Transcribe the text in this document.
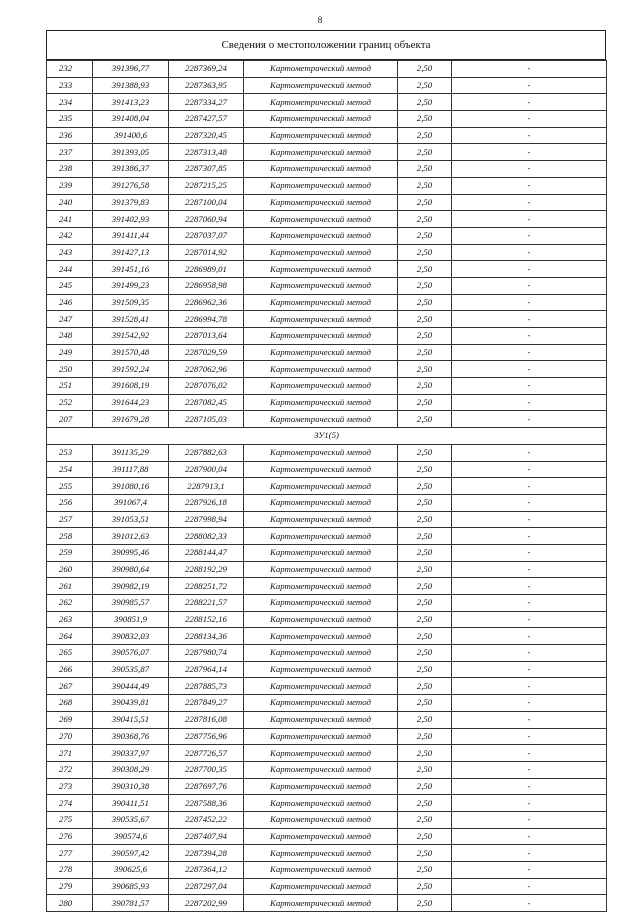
8
Сведения о местоположении границ объекта
232	391396,77	2287369,24	Картометрический метод	2,50	-
233	391388,93	2287363,95	Картометрический метод	2,50	-
234	391413,23	2287334,27	Картометрический метод	2,50	-
235	391408,04	2287427,57	Картометрический метод	2,50	-
236	391400,6	2287320,45	Картометрический метод	2,50	-
237	391393,05	2287313,48	Картометрический метод	2,50	-
238	391386,37	2287307,85	Картометрический метод	2,50	-
239	391276,58	2287215,25	Картометрический метод	2,50	-
240	391379,83	2287100,04	Картометрический метод	2,50	-
241	391402,93	2287060,94	Картометрический метод	2,50	-
242	391411,44	2287037,07	Картометрический метод	2,50	-
243	391427,13	2287014,92	Картометрический метод	2,50	-
244	391451,16	2286989,01	Картометрический метод	2,50	-
245	391499,23	2286958,98	Картометрический метод	2,50	-
246	391509,35	2286962,36	Картометрический метод	2,50	-
247	391528,41	2286994,78	Картометрический метод	2,50	-
248	391542,92	2287013,64	Картометрический метод	2,50	-
249	391570,48	2287029,59	Картометрический метод	2,50	-
250	391592,24	2287062,96	Картометрический метод	2,50	-
251	391608,19	2287076,02	Картометрический метод	2,50	-
252	391644,23	2287082,45	Картометрический метод	2,50	-
207	391679,28	2287105,03	Картометрический метод	2,50	-
ЗУ1(5)					
253	391135,29	2287882,63	Картометрический метод	2,50	-
254	391117,88	2287900,04	Картометрический метод	2,50	-
255	391080,16	2287913,1	Картометрический метод	2,50	-
256	391067,4	2287926,18	Картометрический метод	2,50	-
257	391053,51	2287998,94	Картометрический метод	2,50	-
258	391012,63	2288082,33	Картометрический метод	2,50	-
259	390995,46	2288144,47	Картометрический метод	2,50	-
260	390980,64	2288192,29	Картометрический метод	2,50	-
261	390982,19	2288251,72	Картометрический метод	2,50	-
262	390985,57	2288221,57	Картометрический метод	2,50	-
263	390851,9	2288152,16	Картометрический метод	2,50	-
264	390832,03	2288134,36	Картометрический метод	2,50	-
265	390576,07	2287980,74	Картометрический метод	2,50	-
266	390535,87	2287964,14	Картометрический метод	2,50	-
267	390444,49	2287885,73	Картометрический метод	2,50	-
268	390439,81	2287849,27	Картометрический метод	2,50	-
269	390415,51	2287816,08	Картометрический метод	2,50	-
270	390368,76	2287756,96	Картометрический метод	2,50	-
271	390337,97	2287726,57	Картометрический метод	2,50	-
272	390308,29	2287700,35	Картометрический метод	2,50	-
273	390310,38	2287697,76	Картометрический метод	2,50	-
274	390411,51	2287588,36	Картометрический метод	2,50	-
275	390535,67	2287452,22	Картометрический метод	2,50	-
276	390574,6	2287407,94	Картометрический метод	2,50	-
277	390597,42	2287394,28	Картометрический метод	2,50	-
278	390625,6	2287364,12	Картометрический метод	2,50	-
279	390685,93	2287297,04	Картометрический метод	2,50	-
280	390781,57	2287202,99	Картометрический метод	2,50	-
